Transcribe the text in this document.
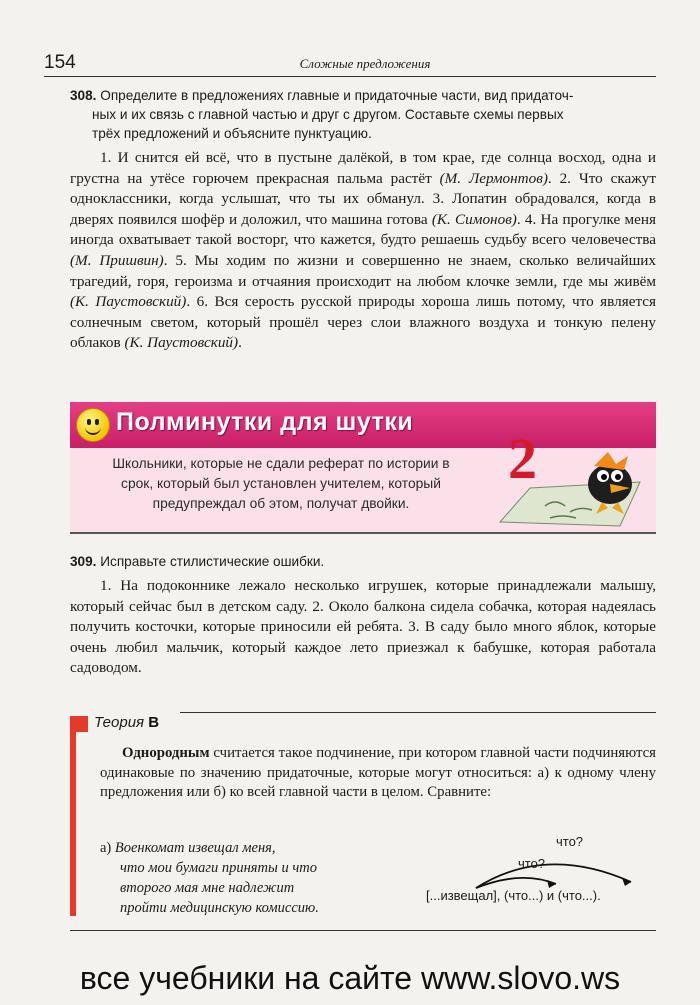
154	Сложные предложения
308. Определите в предложениях главные и придаточные части, вид придаточ-
ных и их связь с главной частью и друг с другом. Составьте схемы первых
трёх предложений и объясните пунктуацию.

1. И снится ей всё, что в пустыне далёкой, в том крае, где солнца восход, одна и грустна на утёсе горючем прекрасная пальма растёт (М. Лермонтов). 2. Что скажут одноклассники, когда услышат, что ты их обманул. 3. Лопатин обрадовался, когда в дверях появился шофёр и доложил, что машина готова (К. Симонов). 4. На прогулке меня иногда охватывает такой восторг, что кажется, будто решаешь судьбу всего человечества (М. Пришвин). 5. Мы ходим по жизни и совершенно не знаем, сколько величайших трагедий, горя, героизма и отчаяния происходит на любом клочке земли, где мы живём (К. Паустовский). 6. Вся серость русской природы хороша лишь потому, что является солнечным светом, который прошёл через слои влажного воздуха и тонкую пелену облаков (К. Паустовский).

Полминутки для шутки
Школьники, которые не сдали реферат по истории в срок, который был установлен учителем, который предупреждал об этом, получат двойки.
2
309. Исправьте стилистические ошибки.

1. На подоконнике лежало несколько игрушек, которые принадлежали малышу, который сейчас был в детском саду. 2. Около балкона сидела собачка, которая надеялась получить косточки, которые приносили ей ребята. 3. В саду было много яблок, которые очень любил мальчик, который каждое лето приезжал к бабушке, которая работала садоводом.

Теория В
Однородным считается такое подчинение, при котором главной части подчиняются одинаковые по значению придаточные, которые могут относиться: а) к одному члену предложения или б) ко всей главной части в целом. Сравните:
а) Военкомат извещал меня,
что мои бумаги приняты и что
второго мая мне надлежит
пройти медицинскую комиссию.
что?
что?
[...извещал], (что...) и (что...).
все учебники на сайте www.slovo.ws
